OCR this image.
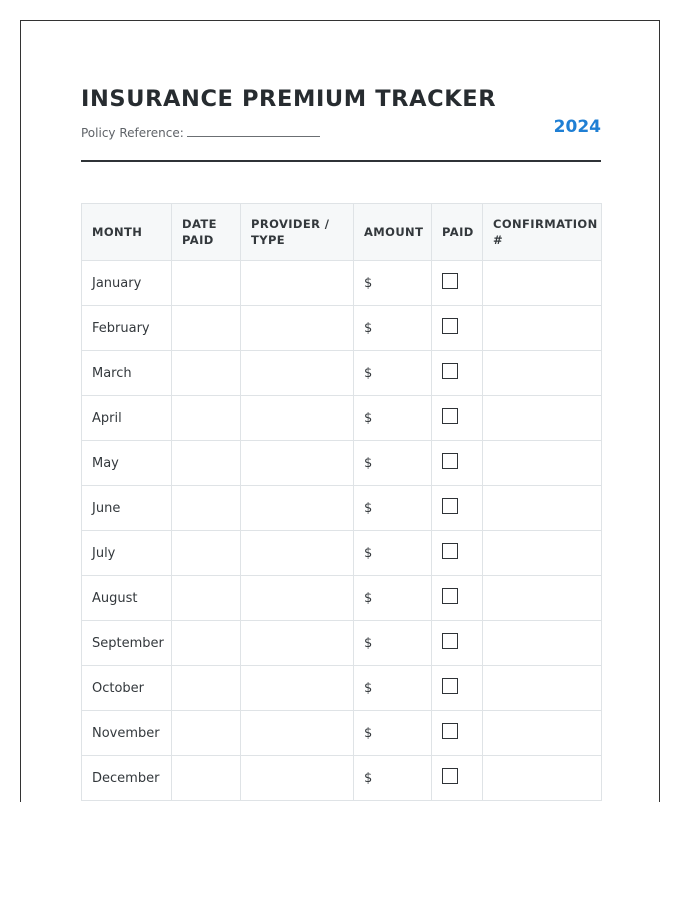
INSURANCE PREMIUM TRACKER
Policy Reference:	2024
MONTH	DATE PAID	PROVIDER / TYPE	AMOUNT	PAID	CONFIRMATION #
January			$		
February			$		
March			$		
April			$		
May			$		
June			$		
July			$		
August			$		
September			$		
October			$		
November			$		
December			$		
